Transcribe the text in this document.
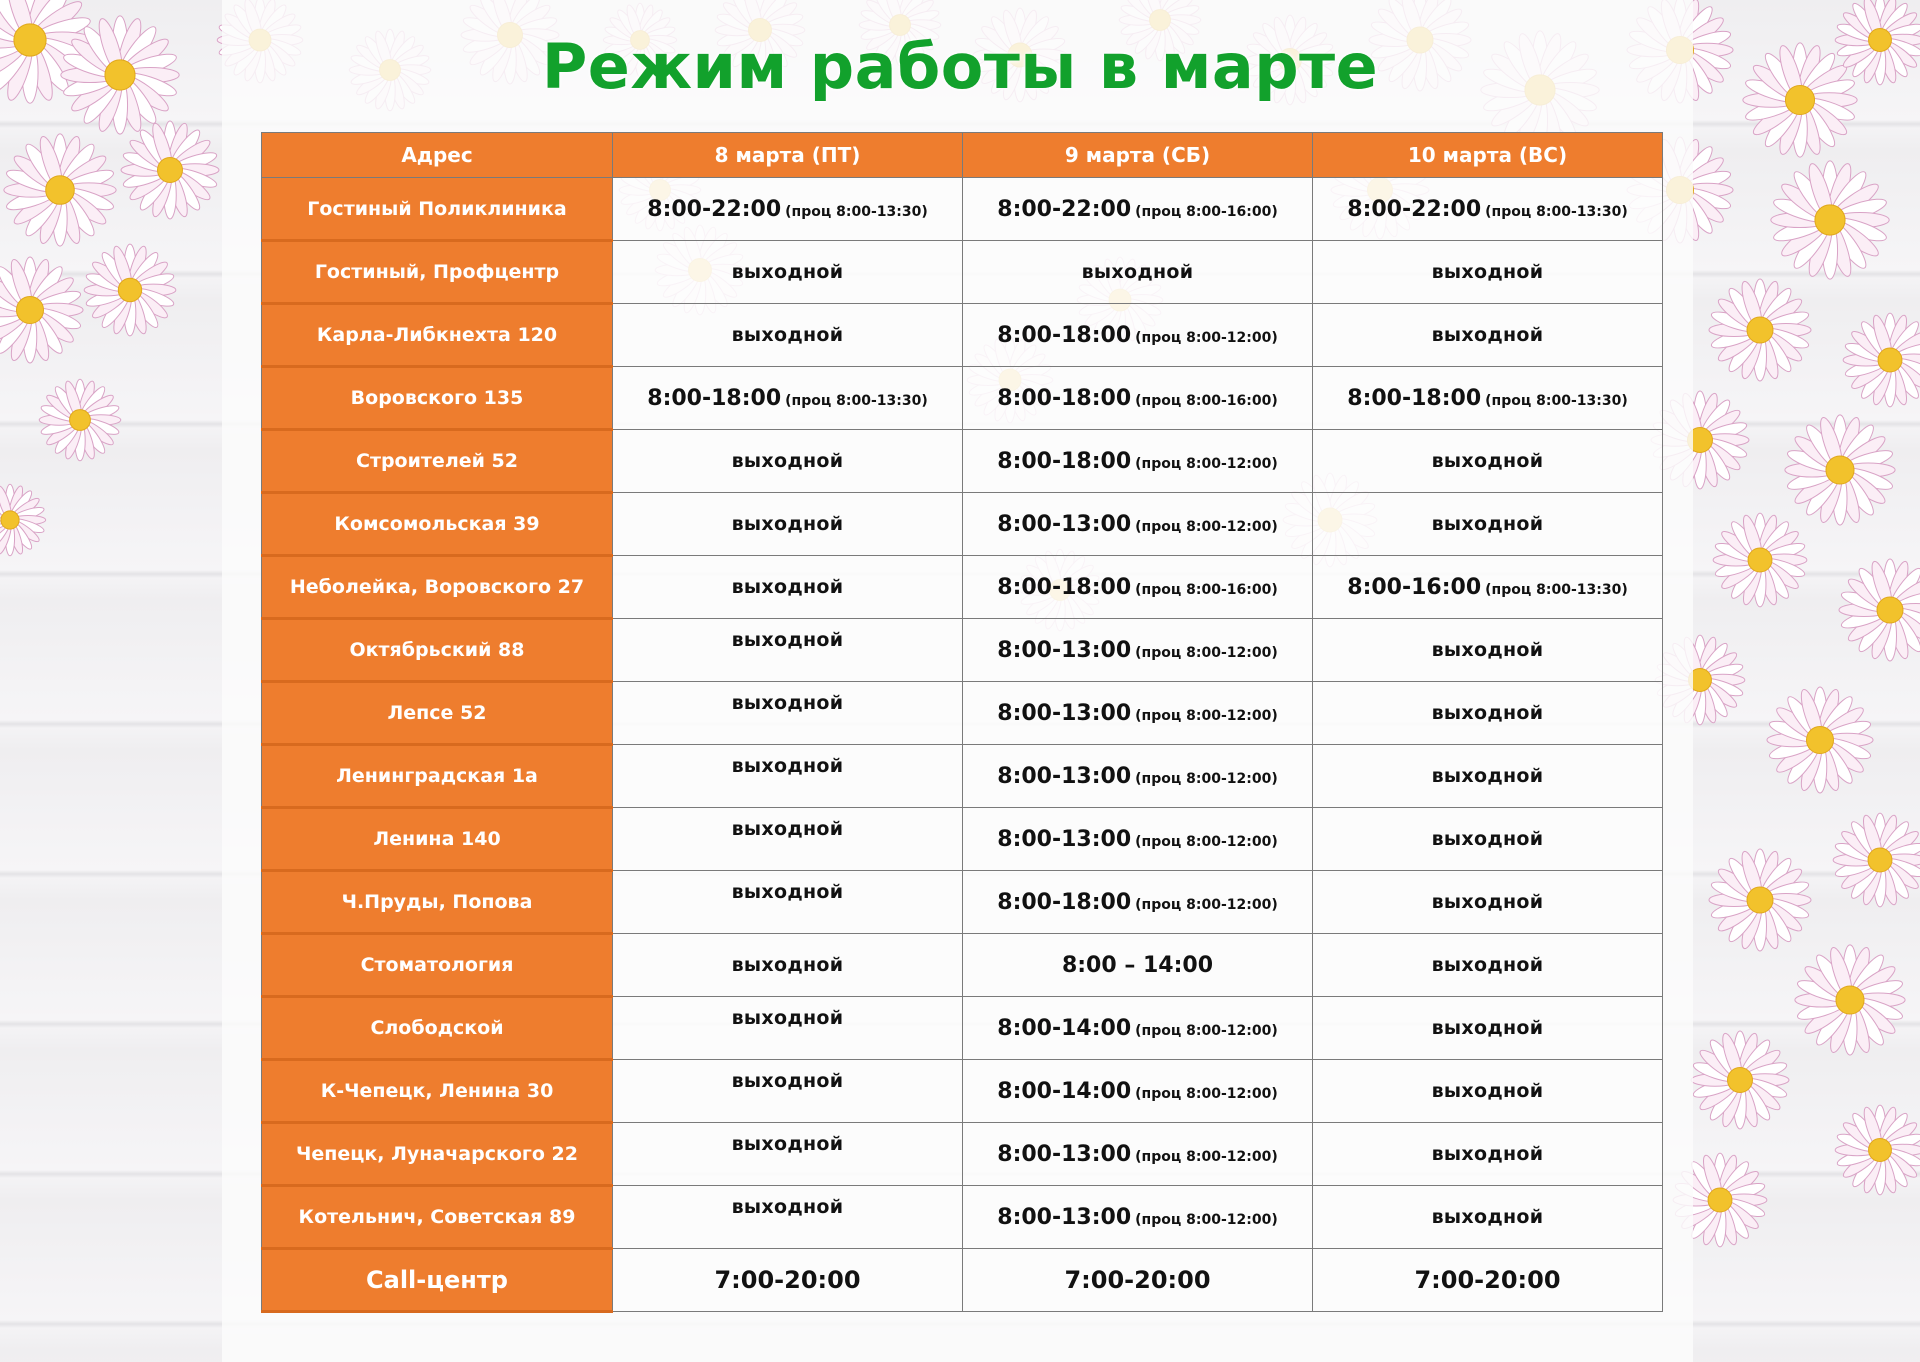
Режим работы в марте
Адрес	8 марта (ПТ)	9 марта (СБ)	10 марта (ВС)
Гостиный Поликлиника	8:00-22:00 (проц 8:00-13:30)	8:00-22:00 (проц 8:00-16:00)	8:00-22:00 (проц 8:00-13:30)
Гостиный, Профцентр	выходной	выходной	выходной
Карла-Либкнехта 120	выходной	8:00-18:00 (проц 8:00-12:00)	выходной
Воровского 135	8:00-18:00 (проц 8:00-13:30)	8:00-18:00 (проц 8:00-16:00)	8:00-18:00 (проц 8:00-13:30)
Строителей 52	выходной	8:00-18:00 (проц 8:00-12:00)	выходной
Комсомольская 39	выходной	8:00-13:00 (проц 8:00-12:00)	выходной
Неболейка, Воровского 27	выходной	8:00-18:00 (проц 8:00-16:00)	8:00-16:00 (проц 8:00-13:30)
Октябрьский 88	выходной	8:00-13:00 (проц 8:00-12:00)	выходной
Лепсе 52	выходной	8:00-13:00 (проц 8:00-12:00)	выходной
Ленинградская 1а	выходной	8:00-13:00 (проц 8:00-12:00)	выходной
Ленина 140	выходной	8:00-13:00 (проц 8:00-12:00)	выходной
Ч.Пруды, Попова	выходной	8:00-18:00 (проц 8:00-12:00)	выходной
Стоматология	выходной	8:00 – 14:00	выходной
Слободской	выходной	8:00-14:00 (проц 8:00-12:00)	выходной
К-Чепецк, Ленина 30	выходной	8:00-14:00 (проц 8:00-12:00)	выходной
Чепецк, Луначарского 22	выходной	8:00-13:00 (проц 8:00-12:00)	выходной
Котельнич, Советская 89	выходной	8:00-13:00 (проц 8:00-12:00)	выходной
Call-центр	7:00-20:00	7:00-20:00	7:00-20:00
